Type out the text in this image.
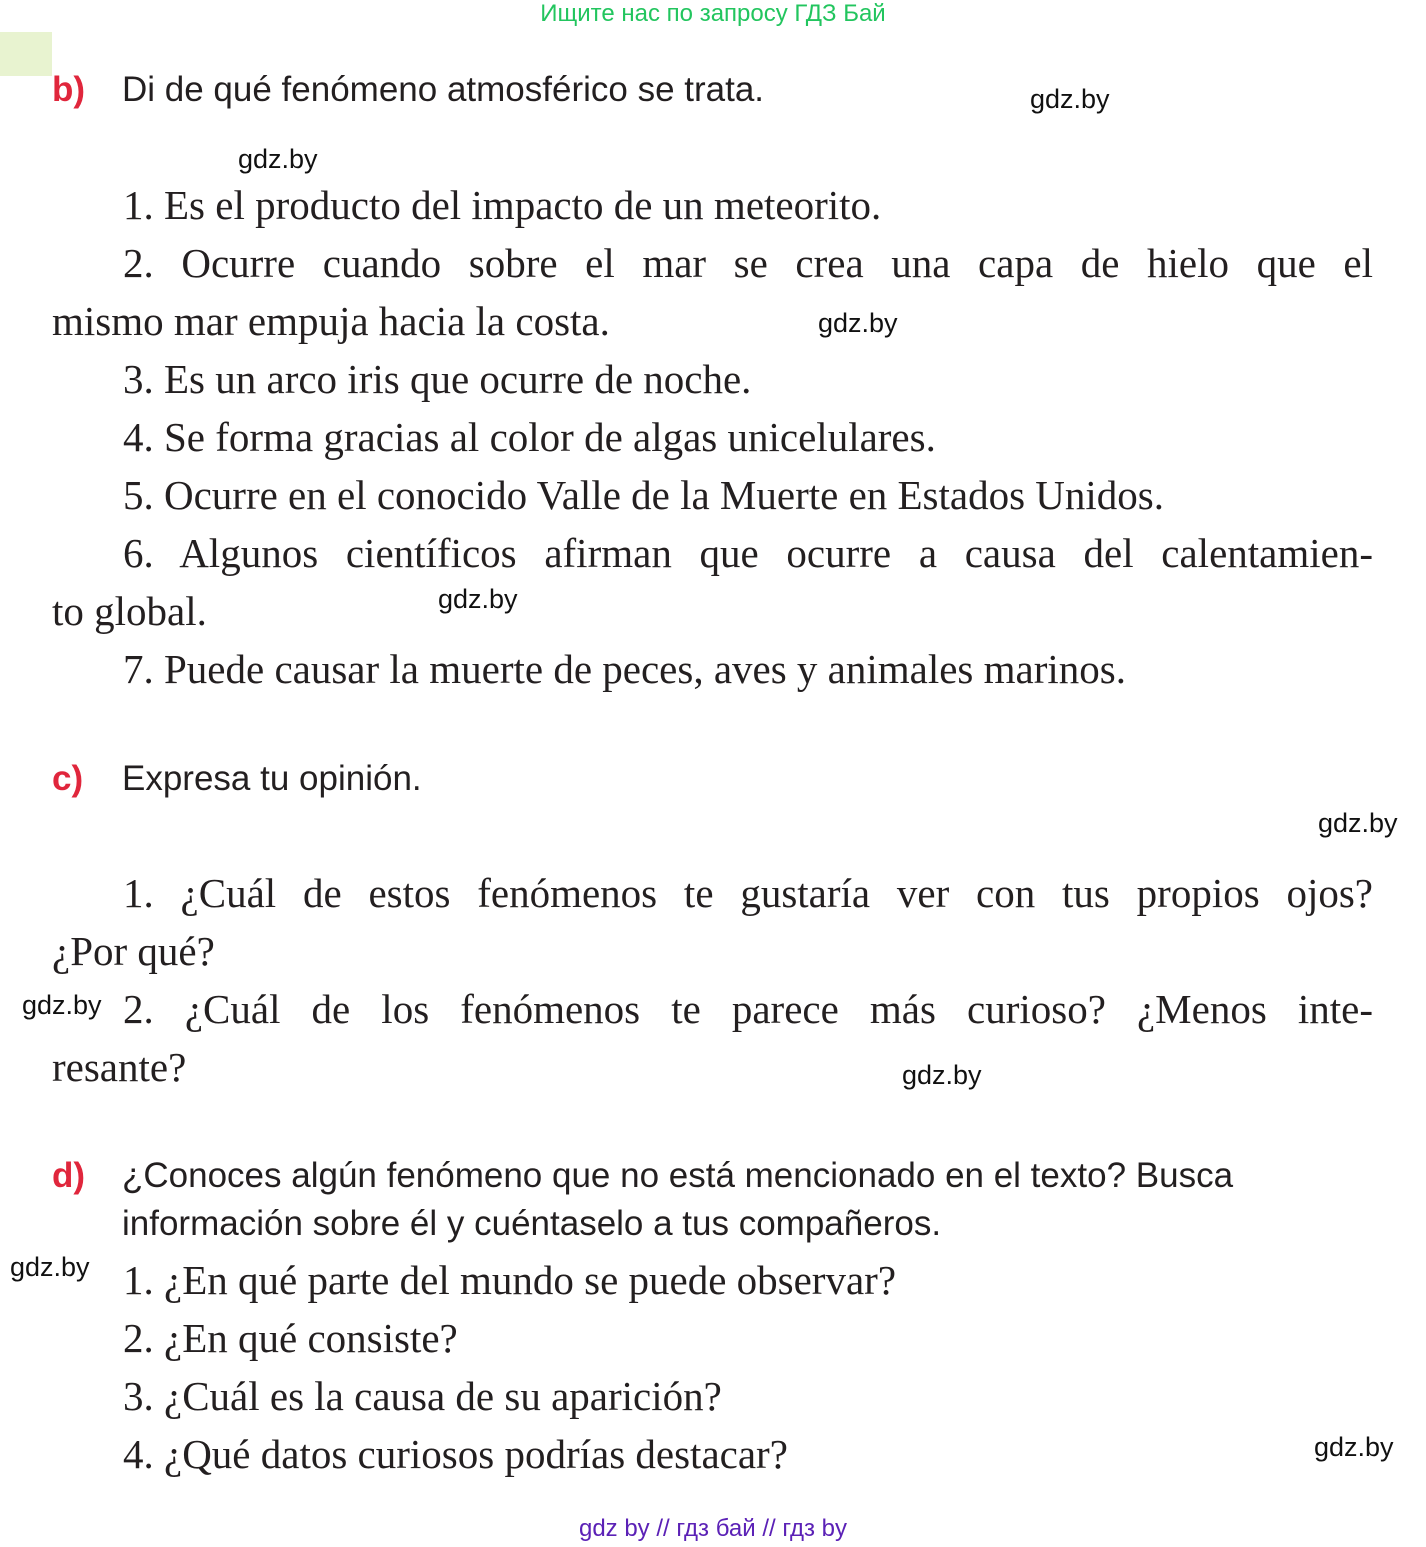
Ищите нас по запросу ГДЗ Бай
b) Di de qué fenómeno atmosférico se trata.
1. Es el producto del impacto de un meteorito.
2. Ocurre cuando sobre el mar se crea una capa de hielo que el
mismo mar empuja hacia la costa.
3. Es un arco iris que ocurre de noche.
4. Se forma gracias al color de algas unicelulares.
5. Ocurre en el conocido Valle de la Muerte en Estados Unidos.
6. Algunos científicos afirman que ocurre a causa del calentamien-
to global.
7. Puede causar la muerte de peces, aves y animales marinos.
c) Expresa tu opinión.
1. ¿Cuál de estos fenómenos te gustaría ver con tus propios ojos?
¿Por qué?
2. ¿Cuál de los fenómenos te parece más curioso? ¿Menos inte-
resante?
d) ¿Conoces algún fenómeno que no está mencionado en el texto? Busca
información sobre él y cuéntaselo a tus compañeros.
1. ¿En qué parte del mundo se puede observar?
2. ¿En qué consiste?
3. ¿Cuál es la causa de su aparición?
4. ¿Qué datos curiosos podrías destacar?
gdz.by
gdz.by
gdz.by
gdz.by
gdz.by
gdz.by
gdz.by
gdz.by
gdz.by
gdz by // гдз бай // гдз by
